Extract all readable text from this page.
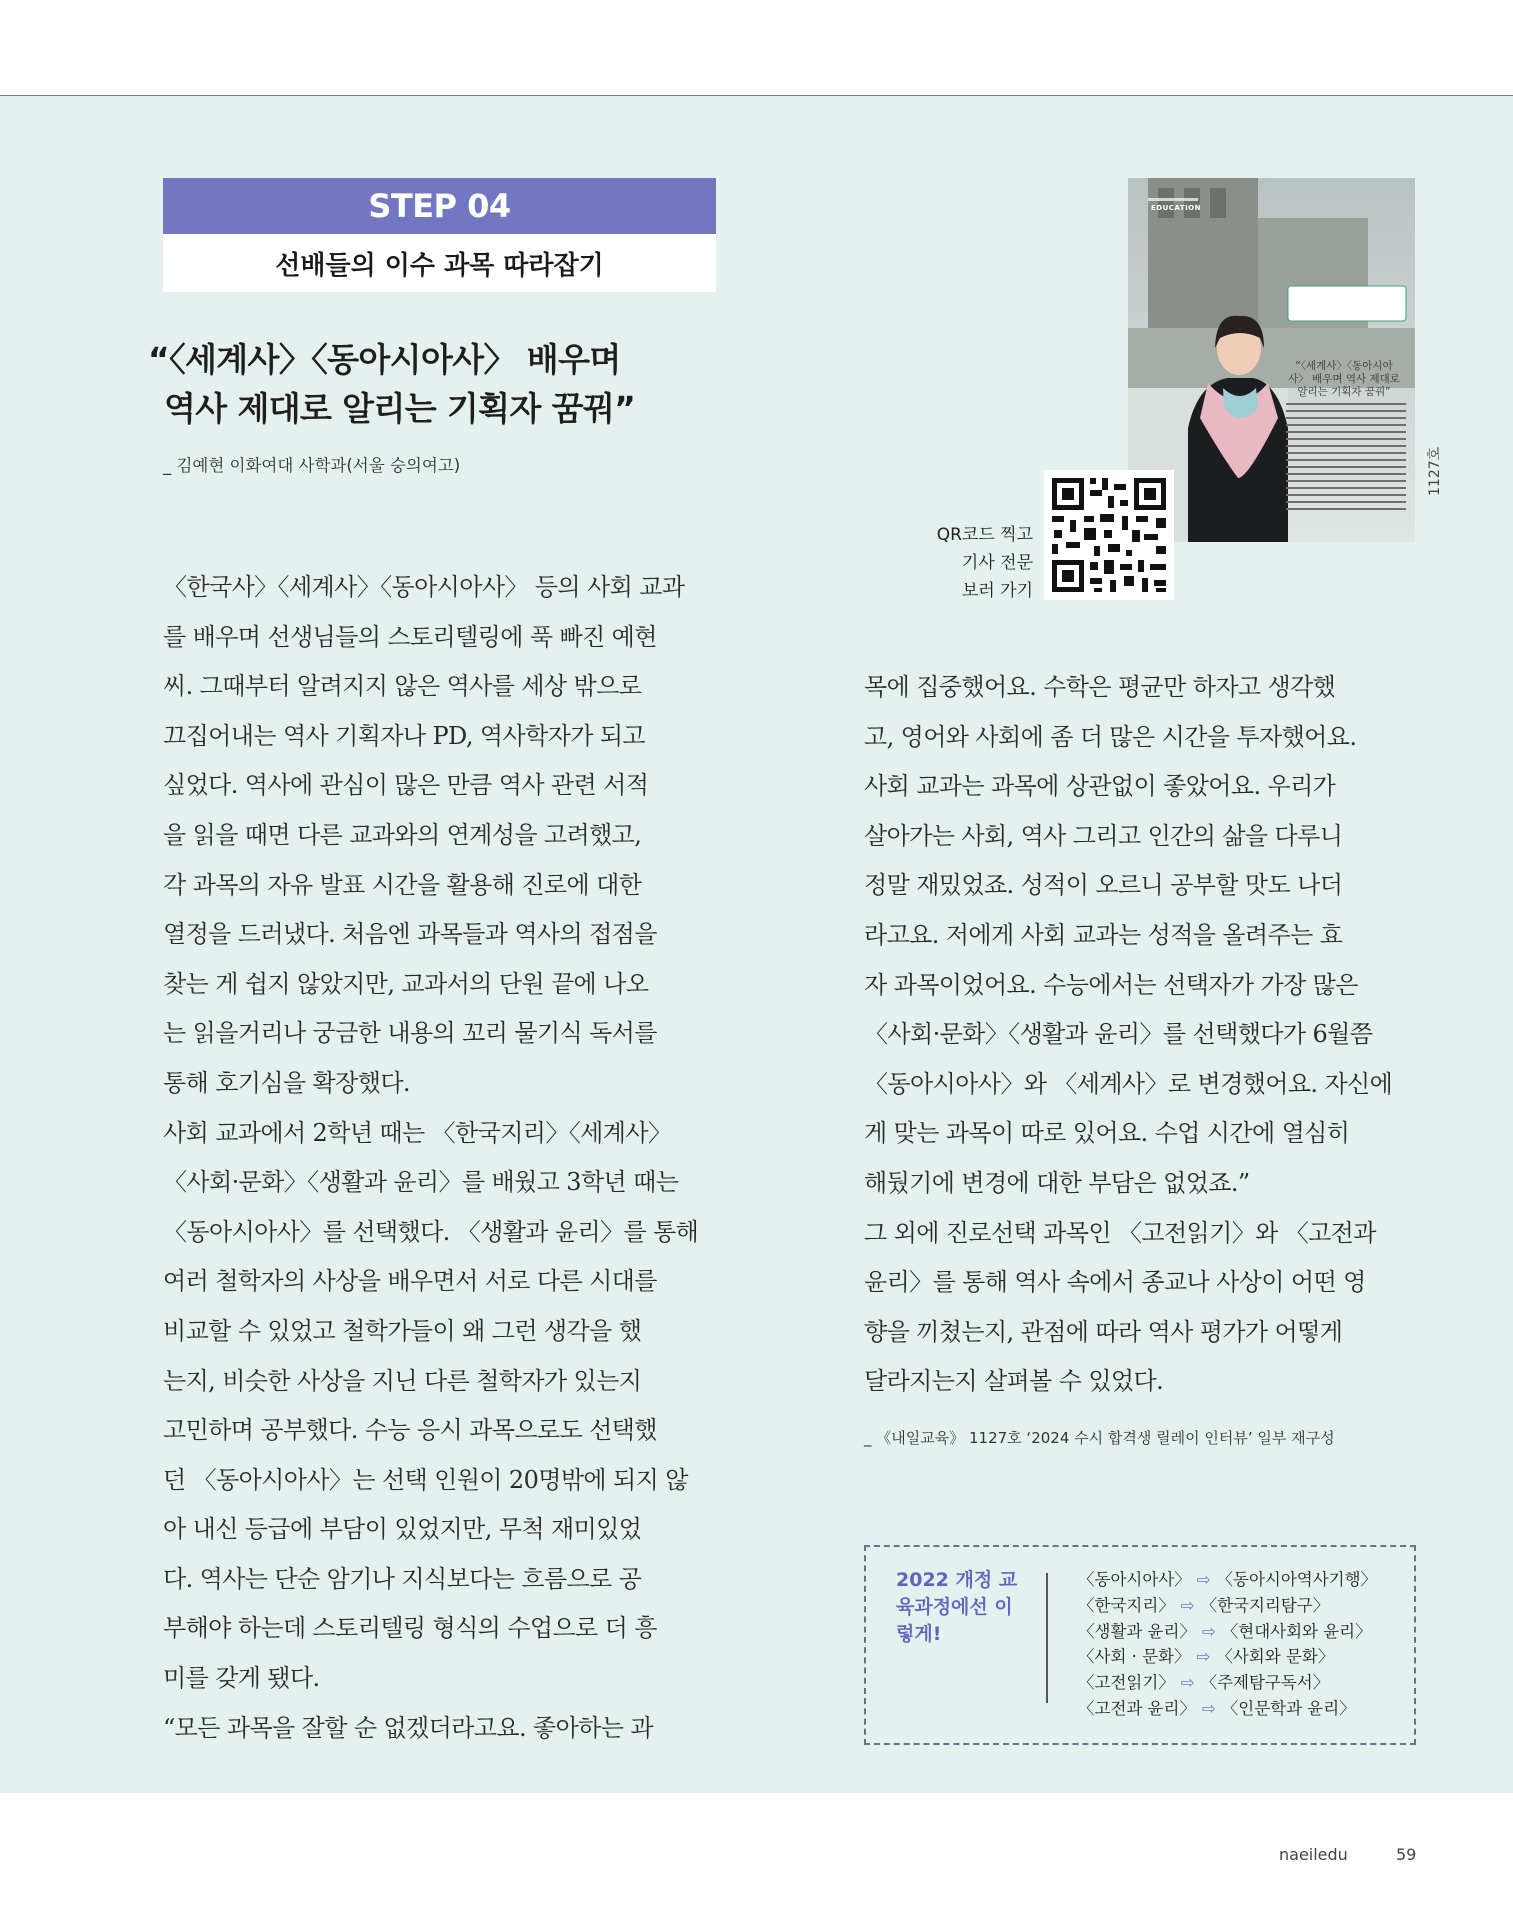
STEP 04
선배들의 이수 과목 따라잡기
“〈세계사〉〈동아시아사〉 배우며
역사 제대로 알리는 기획자 꿈꿔”
_ 김예현 이화여대 사학과(서울 숭의여고)
EDUCATION
“〈세계사〉〈동아시아사〉 배우며 역사 제대로 알리는 기획자 꿈꿔”
1127호
QR코드 찍고
기사 전문
보러 가기
〈한국사〉〈세계사〉〈동아시아사〉 등의 사회 교과
를 배우며 선생님들의 스토리텔링에 푹 빠진 예현
씨. 그때부터 알려지지 않은 역사를 세상 밖으로
끄집어내는 역사 기획자나 PD, 역사학자가 되고
싶었다. 역사에 관심이 많은 만큼 역사 관련 서적
을 읽을 때면 다른 교과와의 연계성을 고려했고,
각 과목의 자유 발표 시간을 활용해 진로에 대한
열정을 드러냈다. 처음엔 과목들과 역사의 접점을
찾는 게 쉽지 않았지만, 교과서의 단원 끝에 나오
는 읽을거리나 궁금한 내용의 꼬리 물기식 독서를
통해 호기심을 확장했다.
사회 교과에서 2학년 때는 〈한국지리〉〈세계사〉
〈사회·문화〉〈생활과 윤리〉를 배웠고 3학년 때는
〈동아시아사〉를 선택했다. 〈생활과 윤리〉를 통해
여러 철학자의 사상을 배우면서 서로 다른 시대를
비교할 수 있었고 철학가들이 왜 그런 생각을 했
는지, 비슷한 사상을 지닌 다른 철학자가 있는지
고민하며 공부했다. 수능 응시 과목으로도 선택했
던 〈동아시아사〉는 선택 인원이 20명밖에 되지 않
아 내신 등급에 부담이 있었지만, 무척 재미있었
다. 역사는 단순 암기나 지식보다는 흐름으로 공
부해야 하는데 스토리텔링 형식의 수업으로 더 흥
미를 갖게 됐다.
“모든 과목을 잘할 순 없겠더라고요. 좋아하는 과
목에 집중했어요. 수학은 평균만 하자고 생각했
고, 영어와 사회에 좀 더 많은 시간을 투자했어요.
사회 교과는 과목에 상관없이 좋았어요. 우리가
살아가는 사회, 역사 그리고 인간의 삶을 다루니
정말 재밌었죠. 성적이 오르니 공부할 맛도 나더
라고요. 저에게 사회 교과는 성적을 올려주는 효
자 과목이었어요. 수능에서는 선택자가 가장 많은
〈사회·문화〉〈생활과 윤리〉를 선택했다가 6월쯤
〈동아시아사〉와 〈세계사〉로 변경했어요. 자신에
게 맞는 과목이 따로 있어요. 수업 시간에 열심히
해뒀기에 변경에 대한 부담은 없었죠.”
그 외에 진로선택 과목인 〈고전읽기〉와 〈고전과
윤리〉를 통해 역사 속에서 종교나 사상이 어떤 영
향을 끼쳤는지, 관점에 따라 역사 평가가 어떻게
달라지는지 살펴볼 수 있었다.
_ 《내일교육》 1127호 ‘2024 수시 합격생 릴레이 인터뷰’ 일부 재구성
2022 개정 교육과정에선 이렇게!
〈동아시아사〉 ⇨ 〈동아시아역사기행〉
〈한국지리〉 ⇨ 〈한국지리탐구〉
〈생활과 윤리〉 ⇨ 〈현대사회와 윤리〉
〈사회 · 문화〉 ⇨ 〈사회와 문화〉
〈고전읽기〉 ⇨ 〈주제탐구독서〉
〈고전과 윤리〉 ⇨ 〈인문학과 윤리〉
naeiledu	59
